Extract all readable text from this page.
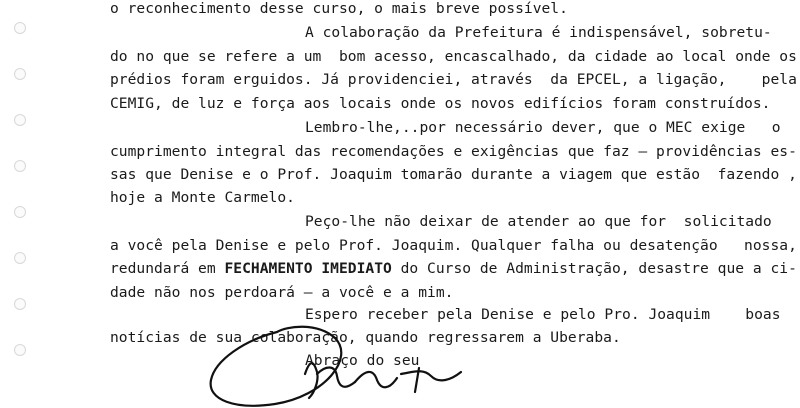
o reconhecimento desse curso, o mais breve possível.
A colaboração da Prefeitura é indispensável, sobretu-
do no que se refere a um  bom acesso, encascalhado, da cidade ao local onde os
prédios foram erguidos. Já providenciei, através  da EPCEL, a ligação,    pela
CEMIG, de luz e força aos locais onde os novos edifícios foram construídos.
Lembro-lhe,..por necessário dever, que o MEC exige   o
cumprimento integral das recomendações e exigências que faz — providências es-
sas que Denise e o Prof. Joaquim tomarão durante a viagem que estão  fazendo ,
hoje a Monte Carmelo.
Peço-lhe não deixar de atender ao que for  solicitado
a você pela Denise e pelo Prof. Joaquim. Qualquer falha ou desatenção   nossa,
redundará em FECHAMENTO IMEDIATO do Curso de Administração, desastre que a ci-
dade não nos perdoará — a você e a mim.
Espero receber pela Denise e pelo Pro. Joaquim    boas
notícias de sua colaboração, quando regressarem a Uberaba.
Abraço do seu
